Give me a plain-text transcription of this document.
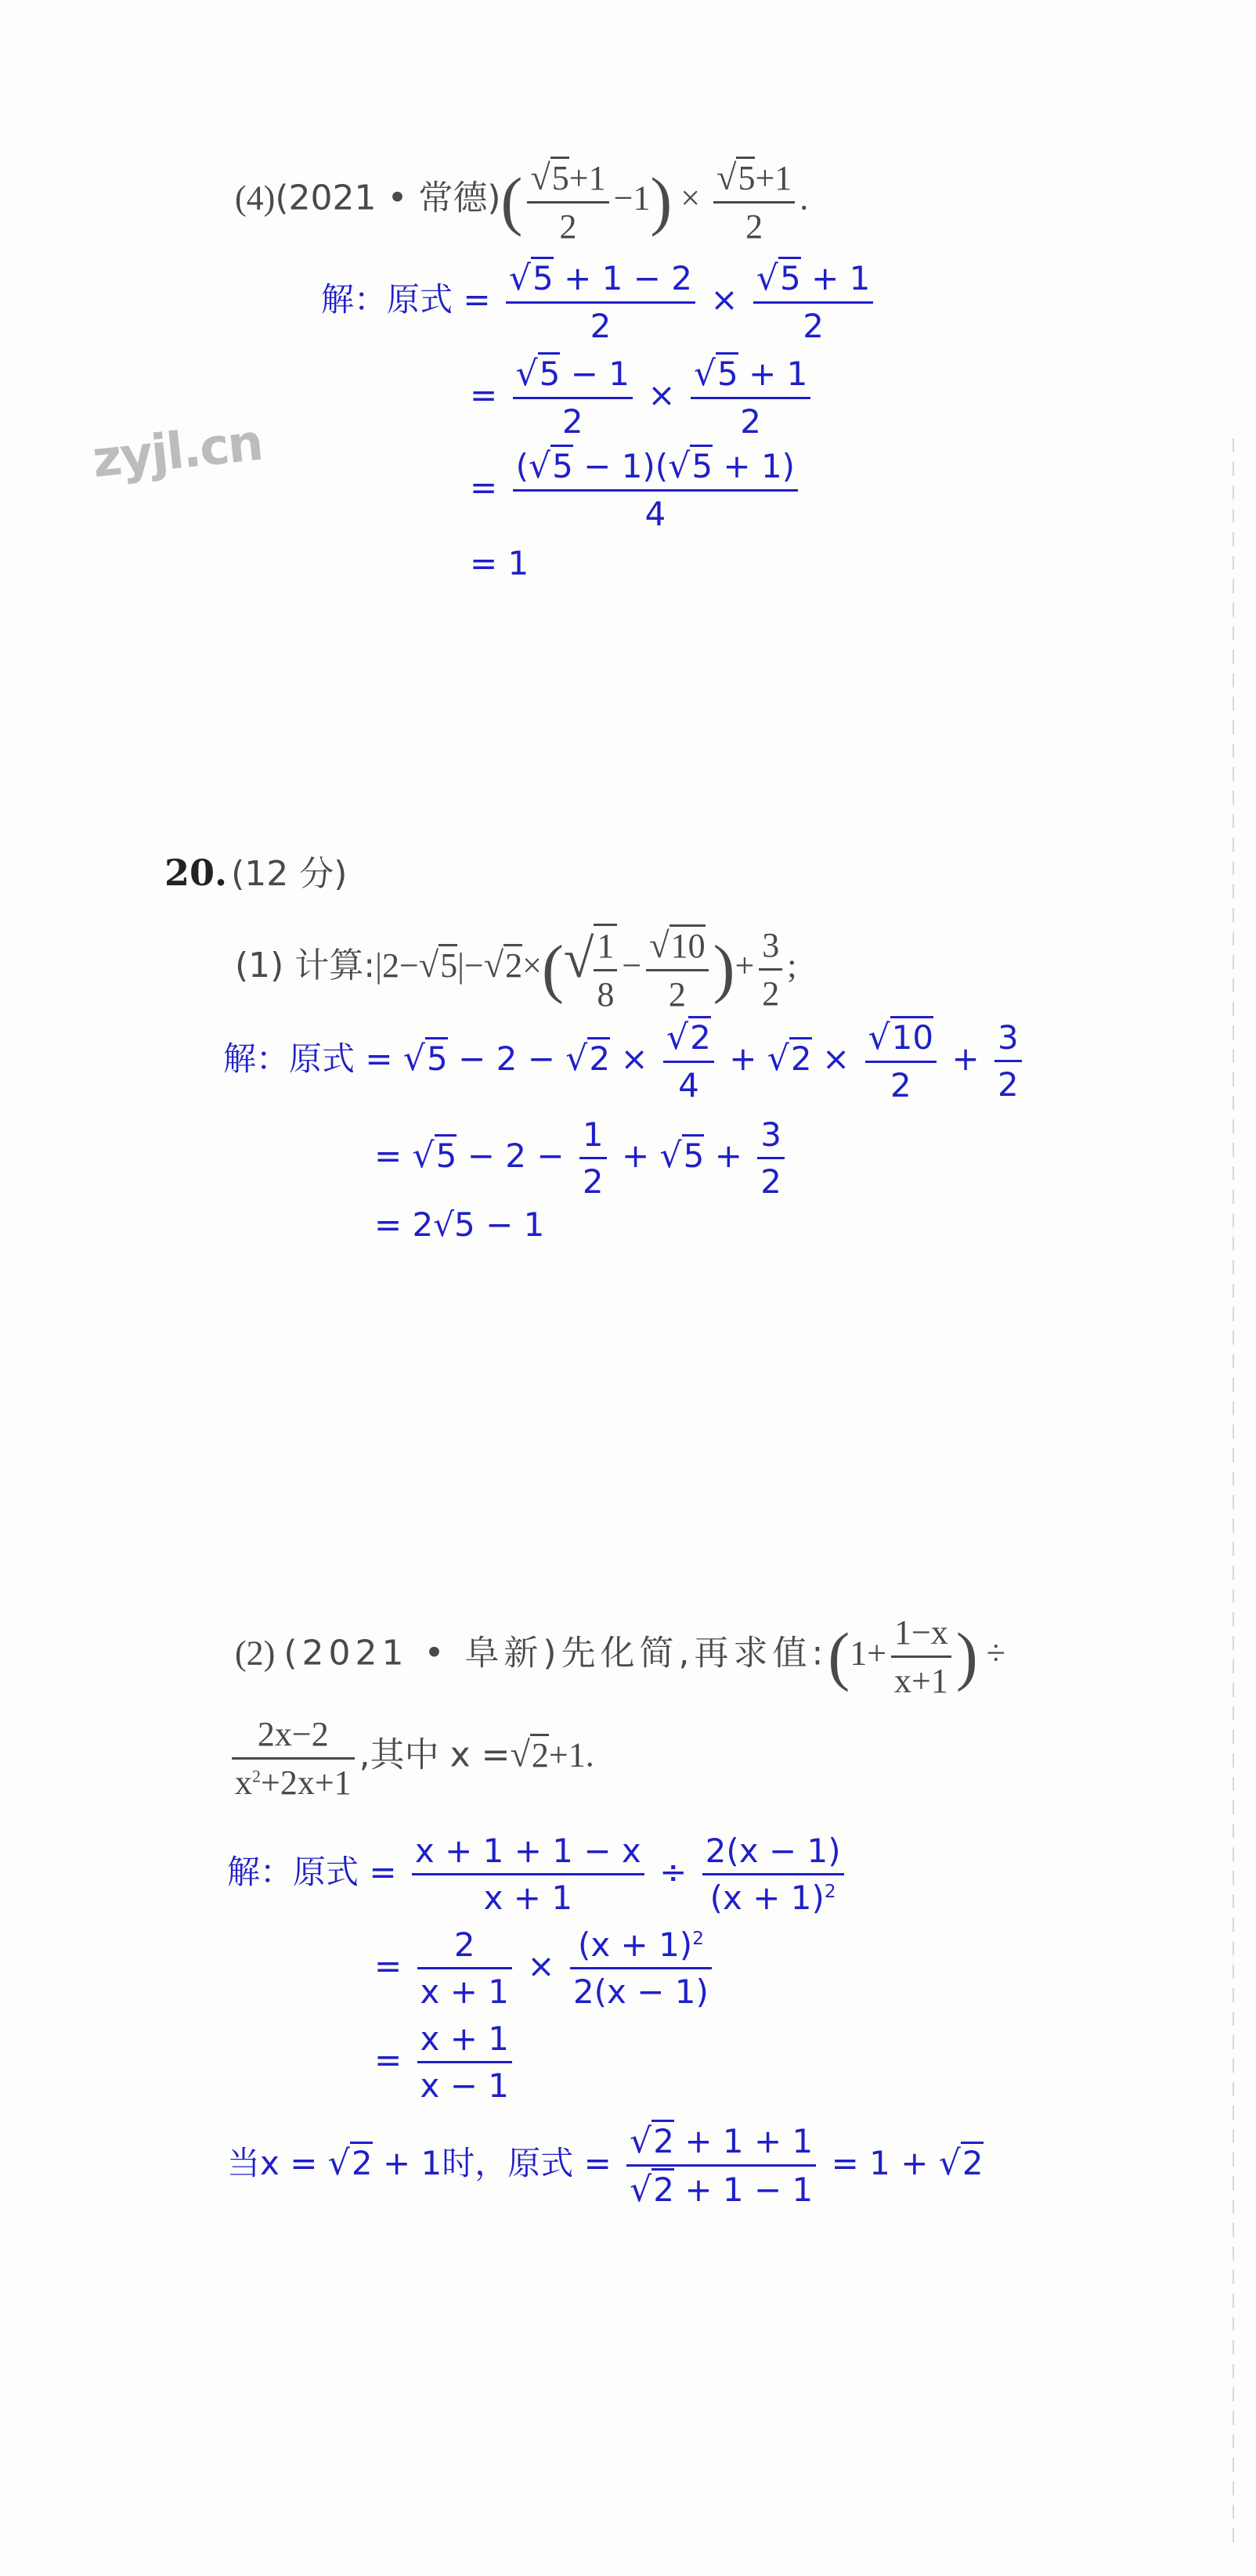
zyjl.cn
(4)(2021 • 常德)( $\frac{√5+1}{2} -1) \times \frac{√5+1}{2}$ .
解：原式 = $\frac{√5 + 1 - 2}{2} \times \frac{√5 + 1}{2}$
= $\frac{√5 - 1}{2} \times \frac{√5 + 1}{2}$
= $\frac{(√5 - 1)(√5 + 1)}{4}$
= 1
20. (12 分)
(1) 计算:|2−√5|−√2×(√ $\frac{1}{8} - \frac{√10}{2}$ )+ $\frac{3}{2}$ ;
解：原式 = $√5 - 2 - √2 \times \frac{√2}{4} + √2 \times \frac{√10}{2} + \frac{3}{2}$
= $√5 - 2 - \frac{1}{2} + √5 + \frac{3}{2}$
= 2√5 − 1
(2) (2021 • 阜新)先化简,再求值:(1+ $\frac{1-x}{x+1}$ ) ÷
$\frac{2x-2}{x^2+2x+1}$ ,其中 x =√2+1.
解：原式 = $\frac{x + 1 + 1 - x}{x + 1} \div \frac{2(x - 1)}{(x + 1)^2}$
= $\frac{2}{x + 1} \times \frac{(x + 1)^2}{2(x - 1)}$
= $\frac{x + 1}{x - 1}$
当x = √2 + 1时，原式 = $\frac{√2 + 1 + 1}{√2 + 1 - 1} = 1 + √2$
